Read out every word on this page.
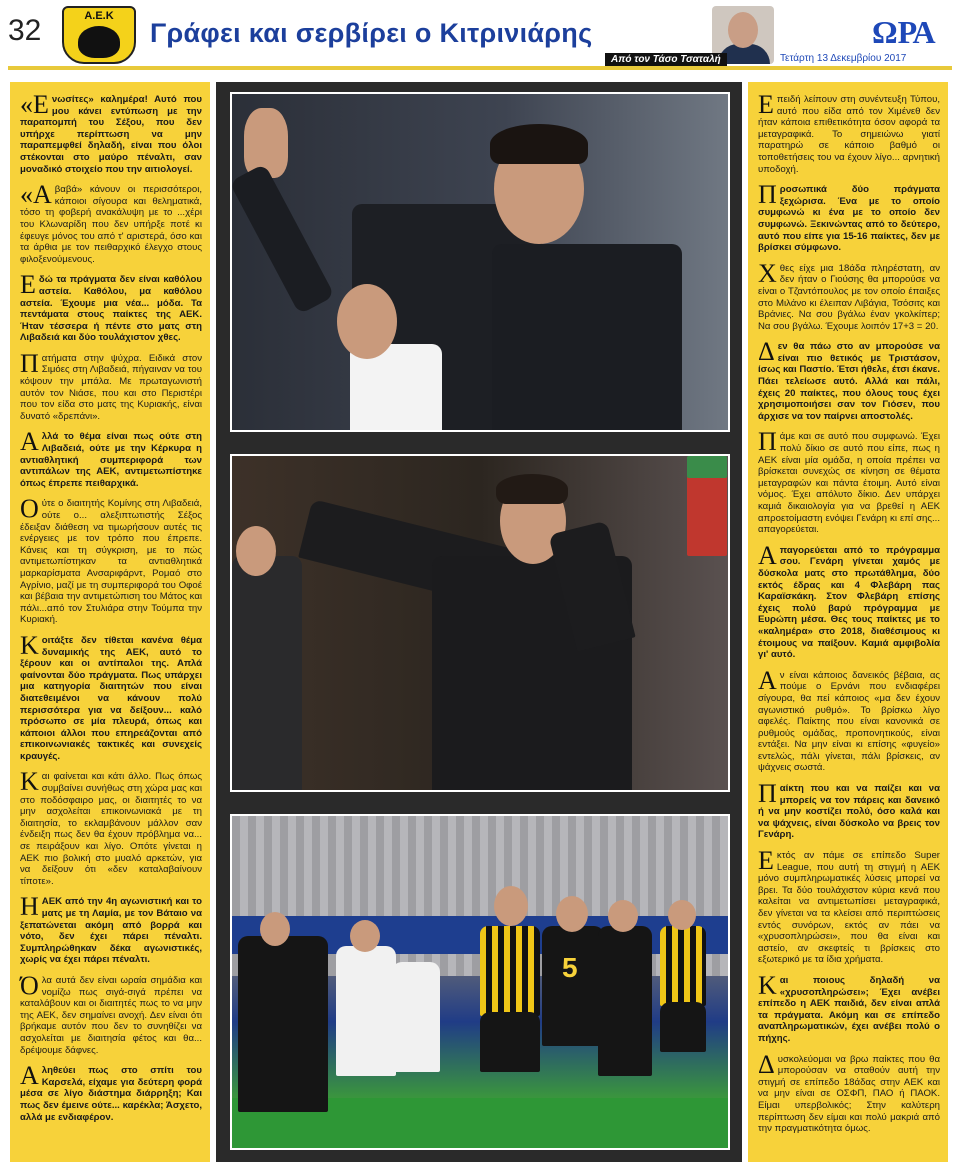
32	Α.Ε.Κ
Γράφει και σερβίρει ο Κιτρινιάρης
Από τον Τάσο Τσαταλή
ΩΡΑ
Τετάρτη 13 Δεκεμβρίου 2017
«Ενωσίτες» καλημέρα! Αυτό που μου κάνει εντύπωση με την παραπομπή του Σέξου, που δεν υπήρχε περίπτωση να μην παραπεμφθεί δηλαδή, είναι που όλοι στέκονται στο μαύρο πέναλτι, σαν μοναδικό στοιχείο που την αιτιολογεί.
«Αβαβά» κάνουν οι περισσότεροι, κάποιοι σίγουρα και θεληματικά, τόσο τη φοβερή ανακάλυψη με το ...χέρι του Κλωναρίδη που δεν υπήρξε ποτέ κι έφευγε μόνος του από τ' αριστερά, όσο και τα άρθια με τον πειθαρχικό έλεγχο στους φιλοξενούμενους.
Εδώ τα πράγματα δεν είναι καθόλου αστεία. Καθόλου, μα καθόλου αστεία. Έχουμε μια νέα... μόδα. Τα πεντάματα στους παίκτες της ΑΕΚ. Ήταν τέσσερα ή πέντε στο ματς στη Λιβαδειά και δύο τουλάχιστον χθες.
Πατήματα στην ψύχρα. Ειδικά στον Σιμόες στη Λιβαδειά, πήγαιναν να του κόψουν την μπάλα. Με πρωταγωνιστή αυτόν τον Νιάσε, που και στο Περιστέρι που τον είδα στο ματς της Κυριακής, είναι δυνατό «δρεπάνι».
Αλλά το θέμα είναι πως ούτε στη Λιβαδειά, ούτε με την Κέρκυρα η αντιαθλητική συμπεριφορά των αντιπάλων της ΑΕΚ, αντιμετωπίστηκε όπως έπρεπε πειθαρχικά.
Ούτε ο διαιτητής Κομίνης στη Λιβαδειά, ούτε ο... αλεξιπτωτιστής Σέξος έδειξαν διάθεση να τιμωρήσουν αυτές τις ενέργειες με τον τρόπο που έπρεπε. Κάνεις και τη σύγκριση, με το πώς αντιμετωπίστηκαν τα αντιαθλητικά μαρκαρίσματα Ανσαριφάρντ, Ρομαό στο Αγρίνιο, μαζί με τη συμπεριφορά του Οφοέ και βέβαια την αντιμετώπιση του Μάτος και πάλι...από τον Στυλιάρα στην Τούμπα την Κυριακή.
Κοιτάξτε δεν τίθεται κανένα θέμα δυναμικής της ΑΕΚ, αυτό το ξέρουν και οι αντίπαλοι της. Απλά φαίνονται δύο πράγματα. Πως υπάρχει μια κατηγορία διαιτητών που είναι διατεθειμένοι να κάνουν πολύ περισσότερα για να δείξουν... καλό πρόσωπο σε μία πλευρά, όπως και κάποιοι άλλοι που επηρεάζονται από επικοινωνιακές τακτικές και συνεχείς κραυγές.
Και φαίνεται και κάτι άλλο. Πως όπως συμβαίνει συνήθως στη χώρα μας και στο ποδόσφαιρο μας, οι διαιτητές το να μην ασχολείται επικοινωνιακά με τη διαιτησία, το εκλαμβάνουν μάλλον σαν ένδειξη πως δεν θα έχουν πρόβλημα να... σε πειράξουν και λίγο. Οπότε γίνεται η ΑΕΚ πιο βολική στο μυαλό αρκετών, για να δείξουν ότι «δεν καταλαβαίνουν τίποτε».
Η ΑΕΚ από την 4η αγωνιστική και το ματς με τη Λαμία, με τον Βάταιο να ξεπατώνεται ακόμη από βορρά και νότο, δεν έχει πάρει πέναλτι. Συμπληρώθηκαν δέκα αγωνιστικές, χωρίς να έχει πάρει πέναλτι.
Όλα αυτά δεν είναι ωραία σημάδια και νομίζω πως σιγά-σιγά πρέπει να καταλάβουν και οι διαιτητές πως το να μην της ΑΕΚ, δεν σημαίνει ανοχή. Δεν είναι ότι βρήκαμε αυτόν που δεν το συνηθίζει να ασχολείται με διαιτησία φέτος και θα... δρέψουμε δάφνες.
Αληθεύει πως στο σπίτι του Καρσελά, είχαμε για δεύτερη φορά μέσα σε λίγο διάστημα διάρρηξη; Και πως δεν έμεινε ούτε... καρέκλα; Άσχετο, αλλά με ενδιαφέρον.
5
Επειδή λείπουν στη συνέντευξη Τύπου, αυτό που είδα από τον Χιμένεθ δεν ήταν κάποια επιθετικότητα όσον αφορά τα μεταγραφικά. Το σημειώνω γιατί παρατηρώ σε κάποιο βαθμό οι τοποθετήσεις του να έχουν λίγο... αρνητική υποδοχή.
Προσωπικά δύο πράγματα ξεχώρισα. Ένα με το οποίο συμφωνώ κι ένα με το οποίο δεν συμφωνώ. Ξεκινώντας από το δεύτερο, αυτό που είπε για 15-16 παίκτες, δεν με βρίσκει σύμφωνο.
Χθες είχε μια 18άδα πληρέστατη, αν δεν ήταν ο Γιούσης θα μπορούσε να είναι ο Τζαντόπουλος με τον οποίο έπαιξες στο Μιλάνο κι έλειπαν Λιβάγια, Τσόσιτς και Βράνιες. Να σου βγάλω έναν γκολκίπερ; Να σου βγάλω. Έχουμε λοιπόν 17+3 = 20.
Δεν θα πάω στο αν μπορούσε να είναι πιο θετικός με Τριστάσον, ίσως και Παστίο. Έτσι ήθελε, έτσι έκανε. Πάει τελείωσε αυτό. Αλλά και πάλι, έχεις 20 παίκτες, που όλους τους έχει χρησιμοποιήσει σαν τον Γιόσεν, που άρχισε να τον παίρνει αποστολές.
Πάμε και σε αυτό που συμφωνώ. Έχει πολύ δίκιο σε αυτό που είπε, πως η ΑΕΚ είναι μία ομάδα, η οποία πρέπει να βρίσκεται συνεχώς σε κίνηση σε θέματα μεταγραφών και πάντα έτοιμη. Αυτό είναι νόμος. Έχει απόλυτο δίκιο. Δεν υπάρχει καμιά δικαιολογία για να βρεθεί η ΑΕΚ απροετοίμαστη ενόψει Γενάρη κι επί σης... απαγορεύεται.
Απαγορεύεται από το πρόγραμμα σου. Γενάρη γίνεται χαμός με δύσκολα ματς στο πρωτάθλημα, δύο εκτός έδρας και 4 Φλεβάρη πας Καραϊσκάκη. Στον Φλεβάρη επίσης έχεις πολύ βαρύ πρόγραμμα με Ευρώπη μέσα. Θες τους παίκτες με το «καλημέρα» στο 2018, διαθέσιμους κι έτοιμους να παίξουν. Καμιά αμφιβολία γι' αυτό.
Αν είναι κάποιος δανεικός βέβαια, ας πούμε ο Ερνάνι που ενδιαφέρει σίγουρα, θα πεί κάποιος «μα δεν έχουν αγωνιστικό ρυθμό». Το βρίσκω λίγο αφελές. Παίκτης που είναι κανονικά σε ρυθμούς ομάδας, προπονητικούς, είναι εντάξει. Να μην είναι κι επίσης «φυγείο» εντελώς, πάλι γίνεται, πάλι βρίσκεις, αν ψάχνεις σωστά.
Παίκτη που και να παίζει και να μπορείς να τον πάρεις και δανεικό ή να μην κοστίζει πολύ, όσο καλά και να ψάχνεις, είναι δύσκολο να βρεις τον Γενάρη.
Εκτός αν πάμε σε επίπεδο Super League, που αυτή τη στιγμή η ΑΕΚ μόνο συμπληρωματικές λύσεις μπορεί να βρει. Τα δύο τουλάχιστον κύρια κενά που καλείται να αντιμετωπίσει μεταγραφικά, δεν γίνεται να τα κλείσει από περιπτώσεις εντός συνόρων, εκτός αν πάει να «χρυσοπληρώσει», που θα είναι και αστείο, αν σκεφτείς τι βρίσκεις στο εξωτερικό με τα ίδια χρήματα.
Και ποιους δηλαδή να «χρυσοπληρώσει»; Έχει ανέβει επίπεδο η ΑΕΚ παιδιά, δεν είναι απλά τα πράγματα. Ακόμη και σε επίπεδο αναπληρωματικών, έχει ανέβει πολύ ο πήχης.
Δυσκολεύομαι να βρω παίκτες που θα μπορούσαν να σταθούν αυτή την στιγμή σε επίπεδο 18άδας στην ΑΕΚ και να μην είναι σε ΟΣΦΠ, ΠΑΟ ή ΠΑΟΚ. Είμαι υπερβολικός; Στην καλύτερη περίπτωση δεν είμαι και πολύ μακριά από την πραγματικότητα όμως.
